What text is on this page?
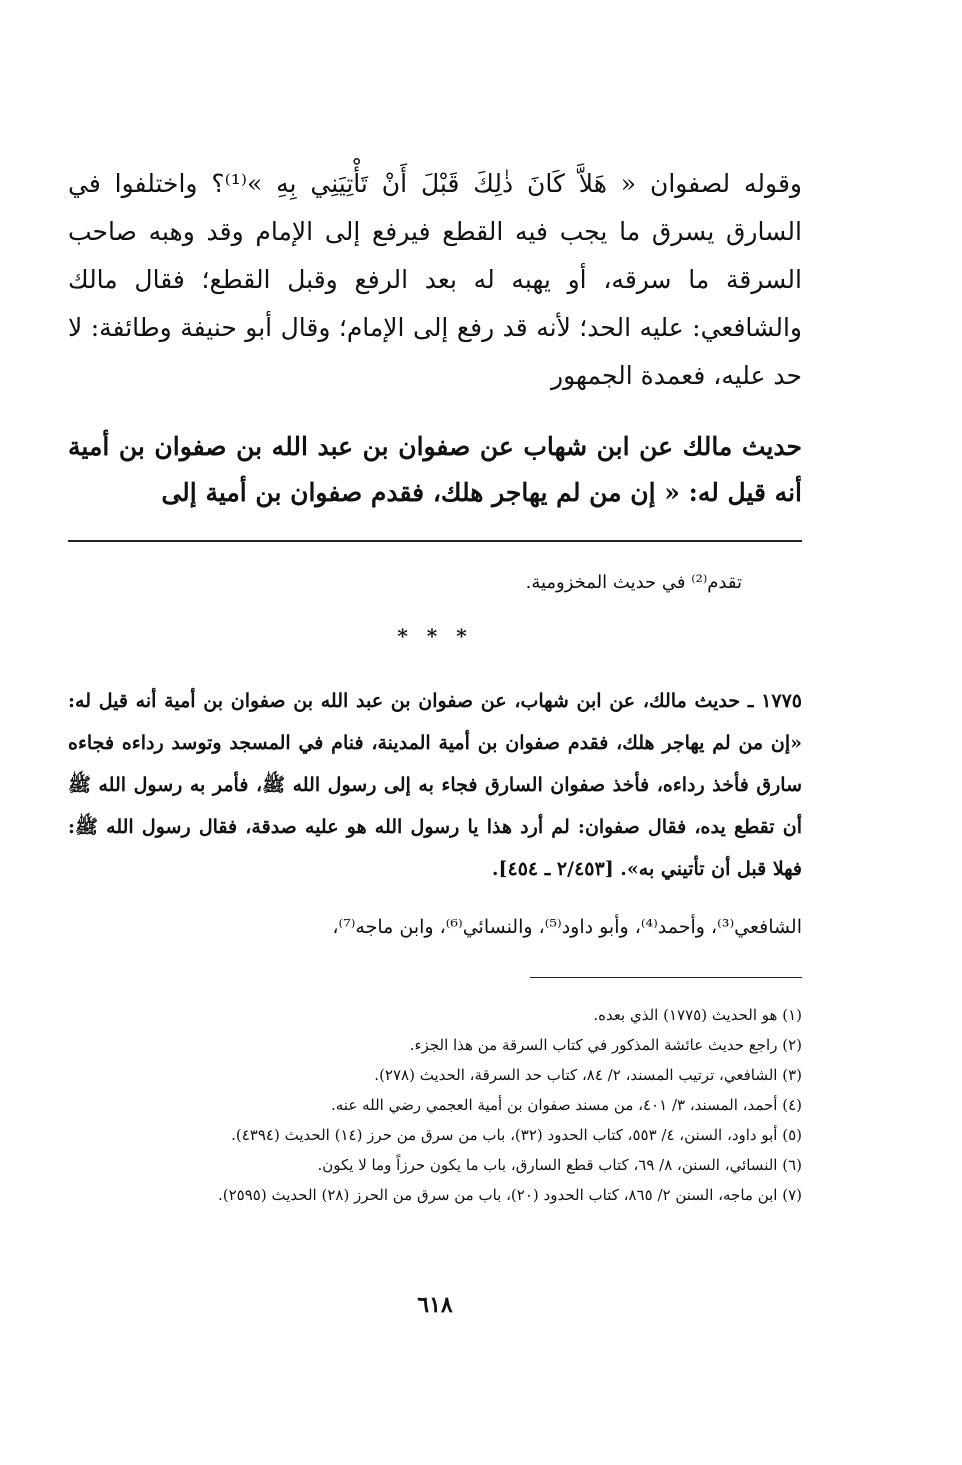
وقوله لصفوان « هَلاَّ كَانَ ذٰلِكَ قَبْلَ أَنْ تَأْتِيَنِي بِهِ »⁽¹⁾؟ واختلفوا في السارق يسرق ما يجب فيه القطع فيرفع إلى الإمام وقد وهبه صاحب السرقة ما سرقه، أو يهبه له بعد الرفع وقبل القطع؛ فقال مالك والشافعي: عليه الحد؛ لأنه قد رفع إلى الإمام؛ وقال أبو حنيفة وطائفة: لا حد عليه، فعمدة الجمهور

حديث مالك عن ابن شهاب عن صفوان بن عبد الله بن صفوان بن أمية أنه قيل له: « إن من لم يهاجر هلك، فقدم صفوان بن أمية إلى

تقدم⁽²⁾ في حديث المخزومية.
* * *

١٧٧٥ ـ حديث مالك، عن ابن شهاب، عن صفوان بن عبد الله بن صفوان بن أمية أنه قيل له: «إن من لم يهاجر هلك، فقدم صفوان بن أمية المدينة، فنام في المسجد وتوسد رداءه فجاءه سارق فأخذ رداءه، فأخذ صفوان السارق فجاء به إلى رسول الله ﷺ، فأمر به رسول الله ﷺ أن تقطع يده، فقال صفوان: لم أرد هذا يا رسول الله هو عليه صدقة، فقال رسول الله ﷺ: فهلا قبل أن تأتيني به». [٢/٤٥٣ ـ ٤٥٤].

الشافعي⁽³⁾، وأحمد⁽⁴⁾، وأبو داود⁽⁵⁾، والنسائي⁽⁶⁾، وابن ماجه⁽⁷⁾،

(١) هو الحديث (١٧٧٥) الذي بعده.
(٢) راجع حديث عائشة المذكور في كتاب السرقة من هذا الجزء.
(٣) الشافعي، ترتيب المسند، ٢/ ٨٤، كتاب حد السرقة، الحديث (٢٧٨).
(٤) أحمد، المسند، ٣/ ٤٠١، من مسند صفوان بن أمية العجمي رضي الله عنه.
(٥) أبو داود، السنن، ٤/ ٥٥٣، كتاب الحدود (٣٢)، باب من سرق من حرز (١٤) الحديث (٤٣٩٤).
(٦) النسائي، السنن، ٨/ ٦٩، كتاب قطع السارق، باب ما يكون حرزاً وما لا يكون.
(٧) ابن ماجه، السنن ٢/ ٨٦٥، كتاب الحدود (٢٠)، باب من سرق من الحرز (٢٨) الحديث (٢٥٩٥).
٦١٨
